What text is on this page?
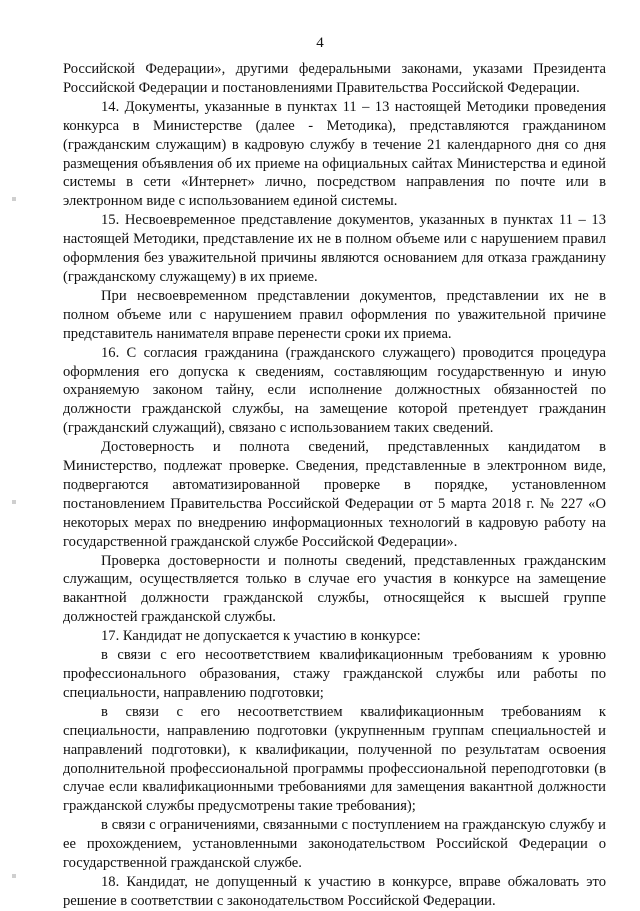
4

Российской Федерации», другими федеральными законами, указами Президента Российской Федерации и постановлениями Правительства Российской Федерации.

14. Документы, указанные в пунктах 11 – 13 настоящей Методики проведения конкурса в Министерстве (далее - Методика), представляются гражданином (гражданским служащим) в кадровую службу в течение 21 календарного дня со дня размещения объявления об их приеме на официальных сайтах Министерства и единой системы в сети «Интернет» лично, посредством направления по почте или в электронном виде с использованием единой системы.

15. Несвоевременное представление документов, указанных в пунктах 11 – 13 настоящей Методики, представление их не в полном объеме или с нарушением правил оформления без уважительной причины являются основанием для отказа гражданину (гражданскому служащему) в их приеме.

При несвоевременном представлении документов, представлении их не в полном объеме или с нарушением правил оформления по уважительной причине представитель нанимателя вправе перенести сроки их приема.

16. С согласия гражданина (гражданского служащего) проводится процедура оформления его допуска к сведениям, составляющим государственную и иную охраняемую законом тайну, если исполнение должностных обязанностей по должности гражданской службы, на замещение которой претендует гражданин (гражданский служащий), связано с использованием таких сведений.

Достоверность и полнота сведений, представленных кандидатом в Министерство, подлежат проверке. Сведения, представленные в электронном виде, подвергаются автоматизированной проверке в порядке, установленном постановлением Правительства Российской Федерации от 5 марта 2018 г. № 227 «О некоторых мерах по внедрению информационных технологий в кадровую работу на государственной гражданской службе Российской Федерации».

Проверка достоверности и полноты сведений, представленных гражданским служащим, осуществляется только в случае его участия в конкурсе на замещение вакантной должности гражданской службы, относящейся к высшей группе должностей гражданской службы.

17. Кандидат не допускается к участию в конкурсе:

в связи с его несоответствием квалификационным требованиям к уровню профессионального образования, стажу гражданской службы или работы по специальности, направлению подготовки;

в связи с его несоответствием квалификационным требованиям к специальности, направлению подготовки (укрупненным группам специальностей и направлений подготовки), к квалификации, полученной по результатам освоения дополнительной профессиональной программы профессиональной переподготовки (в случае если квалификационными требованиями для замещения вакантной должности гражданской службы предусмотрены такие требования);

в связи с ограничениями, связанными с поступлением на гражданскую службу и ее прохождением, установленными законодательством Российской Федерации о государственной гражданской службе.

18. Кандидат, не допущенный к участию в конкурсе, вправе обжаловать это решение в соответствии с законодательством Российской Федерации.
